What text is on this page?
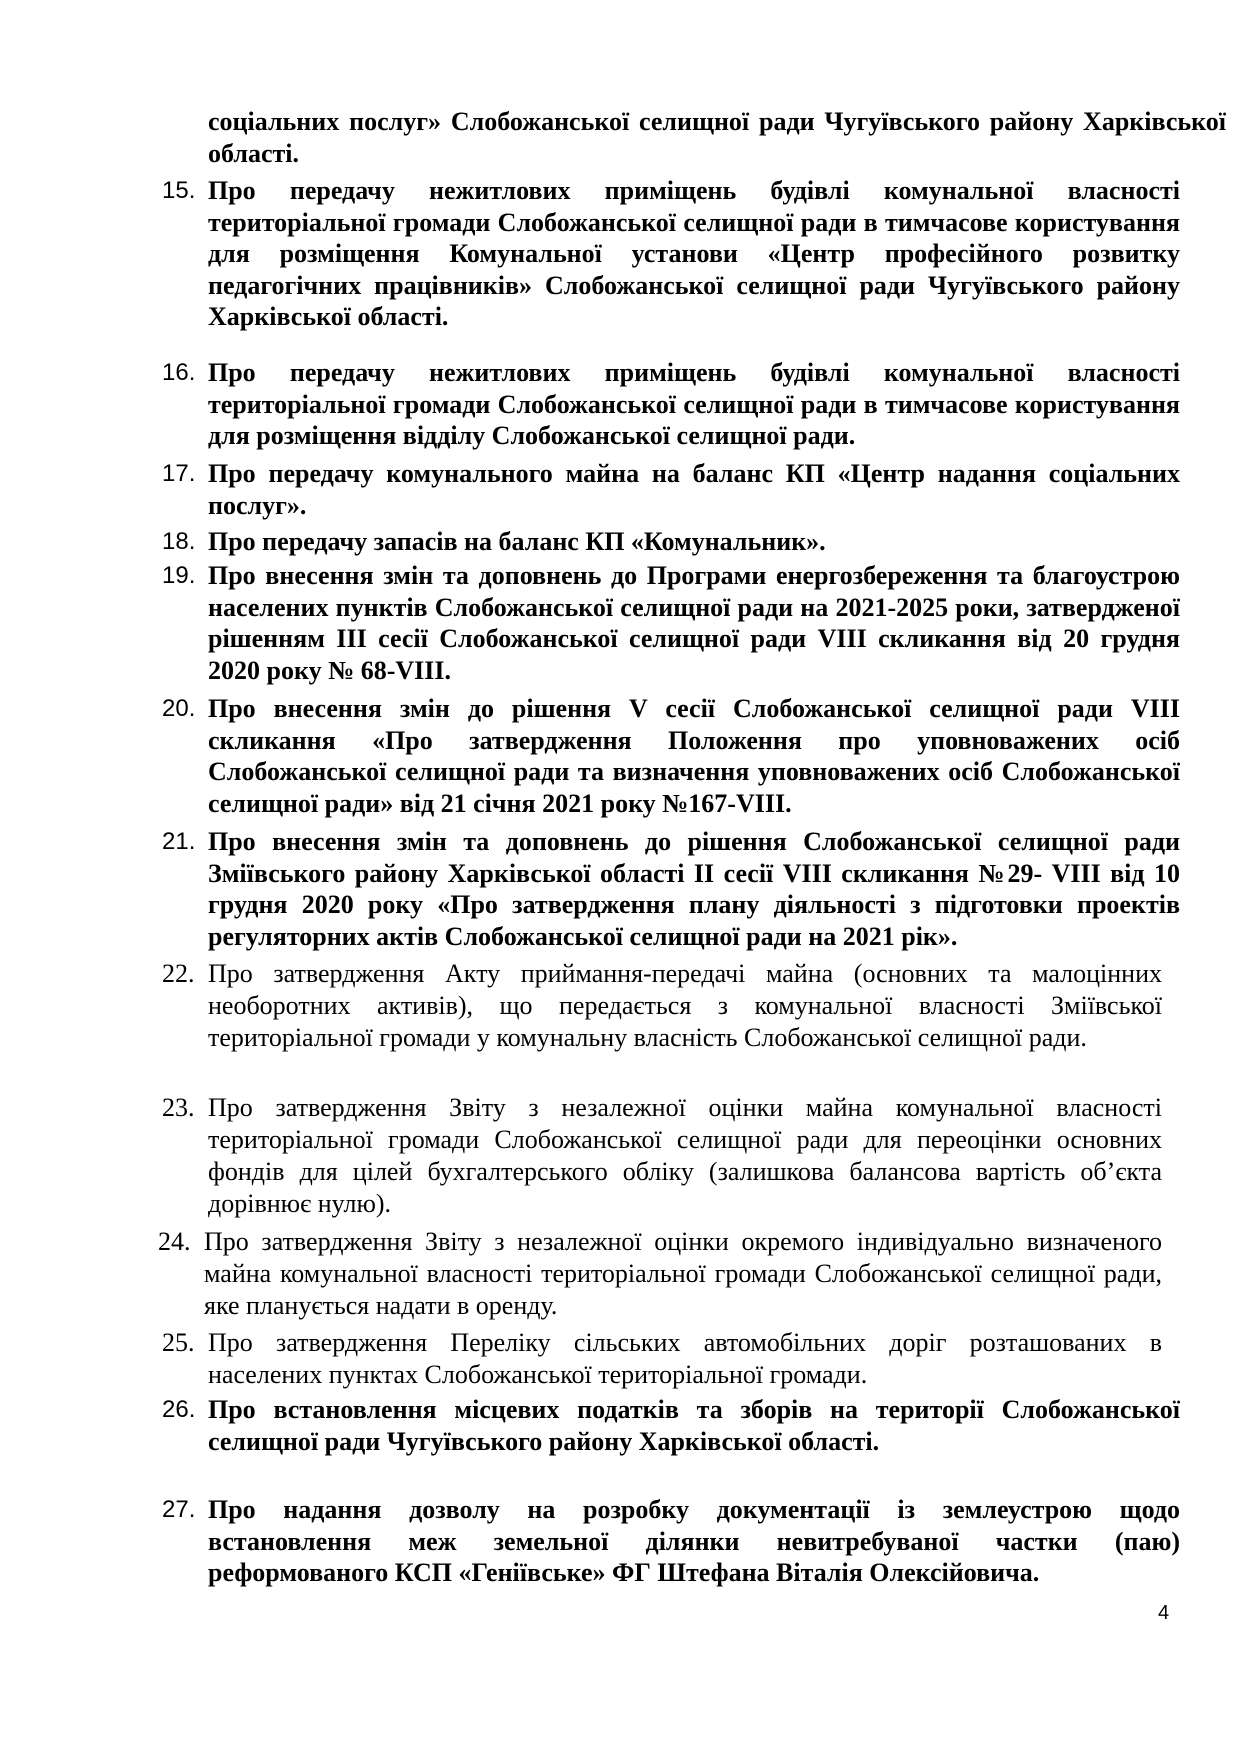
соціальних послуг» Слобожанської селищної ради Чугуївського району Харківської області.
15. Про передачу нежитлових приміщень будівлі комунальної власності територіальної громади Слобожанської селищної ради в тимчасове користування для розміщення Комунальної установи «Центр професійного розвитку педагогічних працівників» Слобожанської селищної ради Чугуївського району Харківської області.
16. Про передачу нежитлових приміщень будівлі комунальної власності територіальної громади Слобожанської селищної ради в тимчасове користування для розміщення відділу Слобожанської селищної ради.
17. Про передачу комунального майна на баланс КП «Центр надання соціальних послуг».
18. Про передачу запасів на баланс КП «Комунальник».
19. Про внесення змін та доповнень до Програми енергозбереження та благоустрою населених пунктів Слобожанської селищної ради на 2021-2025 роки, затвердженої рішенням ІІІ сесії Слобожанської селищної ради VІІІ скликання від 20 грудня 2020 року № 68-VІІІ.
20. Про внесення змін до рішення V сесії Слобожанської селищної ради VIII скликання «Про затвердження Положення про уповноважених осіб Слобожанської селищної ради та визначення уповноважених осіб Слобожанської селищної ради» від 21 січня 2021 року №167-VIII.
21. Про внесення змін та доповнень до рішення Слобожанської селищної ради Зміївського району Харківської області ІІ сесії VІІІ скликання №29- VІІІ від 10 грудня 2020 року «Про затвердження плану діяльності з підготовки проектів регуляторних актів Слобожанської селищної ради на 2021 рік».
22. Про затвердження Акту приймання-передачі майна (основних та малоцінних необоротних активів), що передається з комунальної власності Зміївської територіальної громади у комунальну власність Слобожанської селищної ради.
23. Про затвердження Звіту з незалежної оцінки майна комунальної власності територіальної громади Слобожанської селищної ради для переоцінки основних фондів для цілей бухгалтерського обліку (залишкова балансова вартість об’єкта дорівнює нулю).
24. Про затвердження Звіту з незалежної оцінки окремого індивідуально визначеного майна комунальної власності територіальної громади Слобожанської селищної ради, яке планується надати в оренду.
25. Про затвердження Переліку сільських автомобільних доріг розташованих в населених пунктах Слобожанської територіальної громади.
26. Про встановлення місцевих податків та зборів на території Слобожанської селищної ради Чугуївського району Харківської області.
27. Про надання дозволу на розробку документації із землеустрою щодо встановлення меж земельної ділянки невитребуваної частки (паю) реформованого КСП «Геніївське» ФГ Штефана Віталія Олексійовича.
4
